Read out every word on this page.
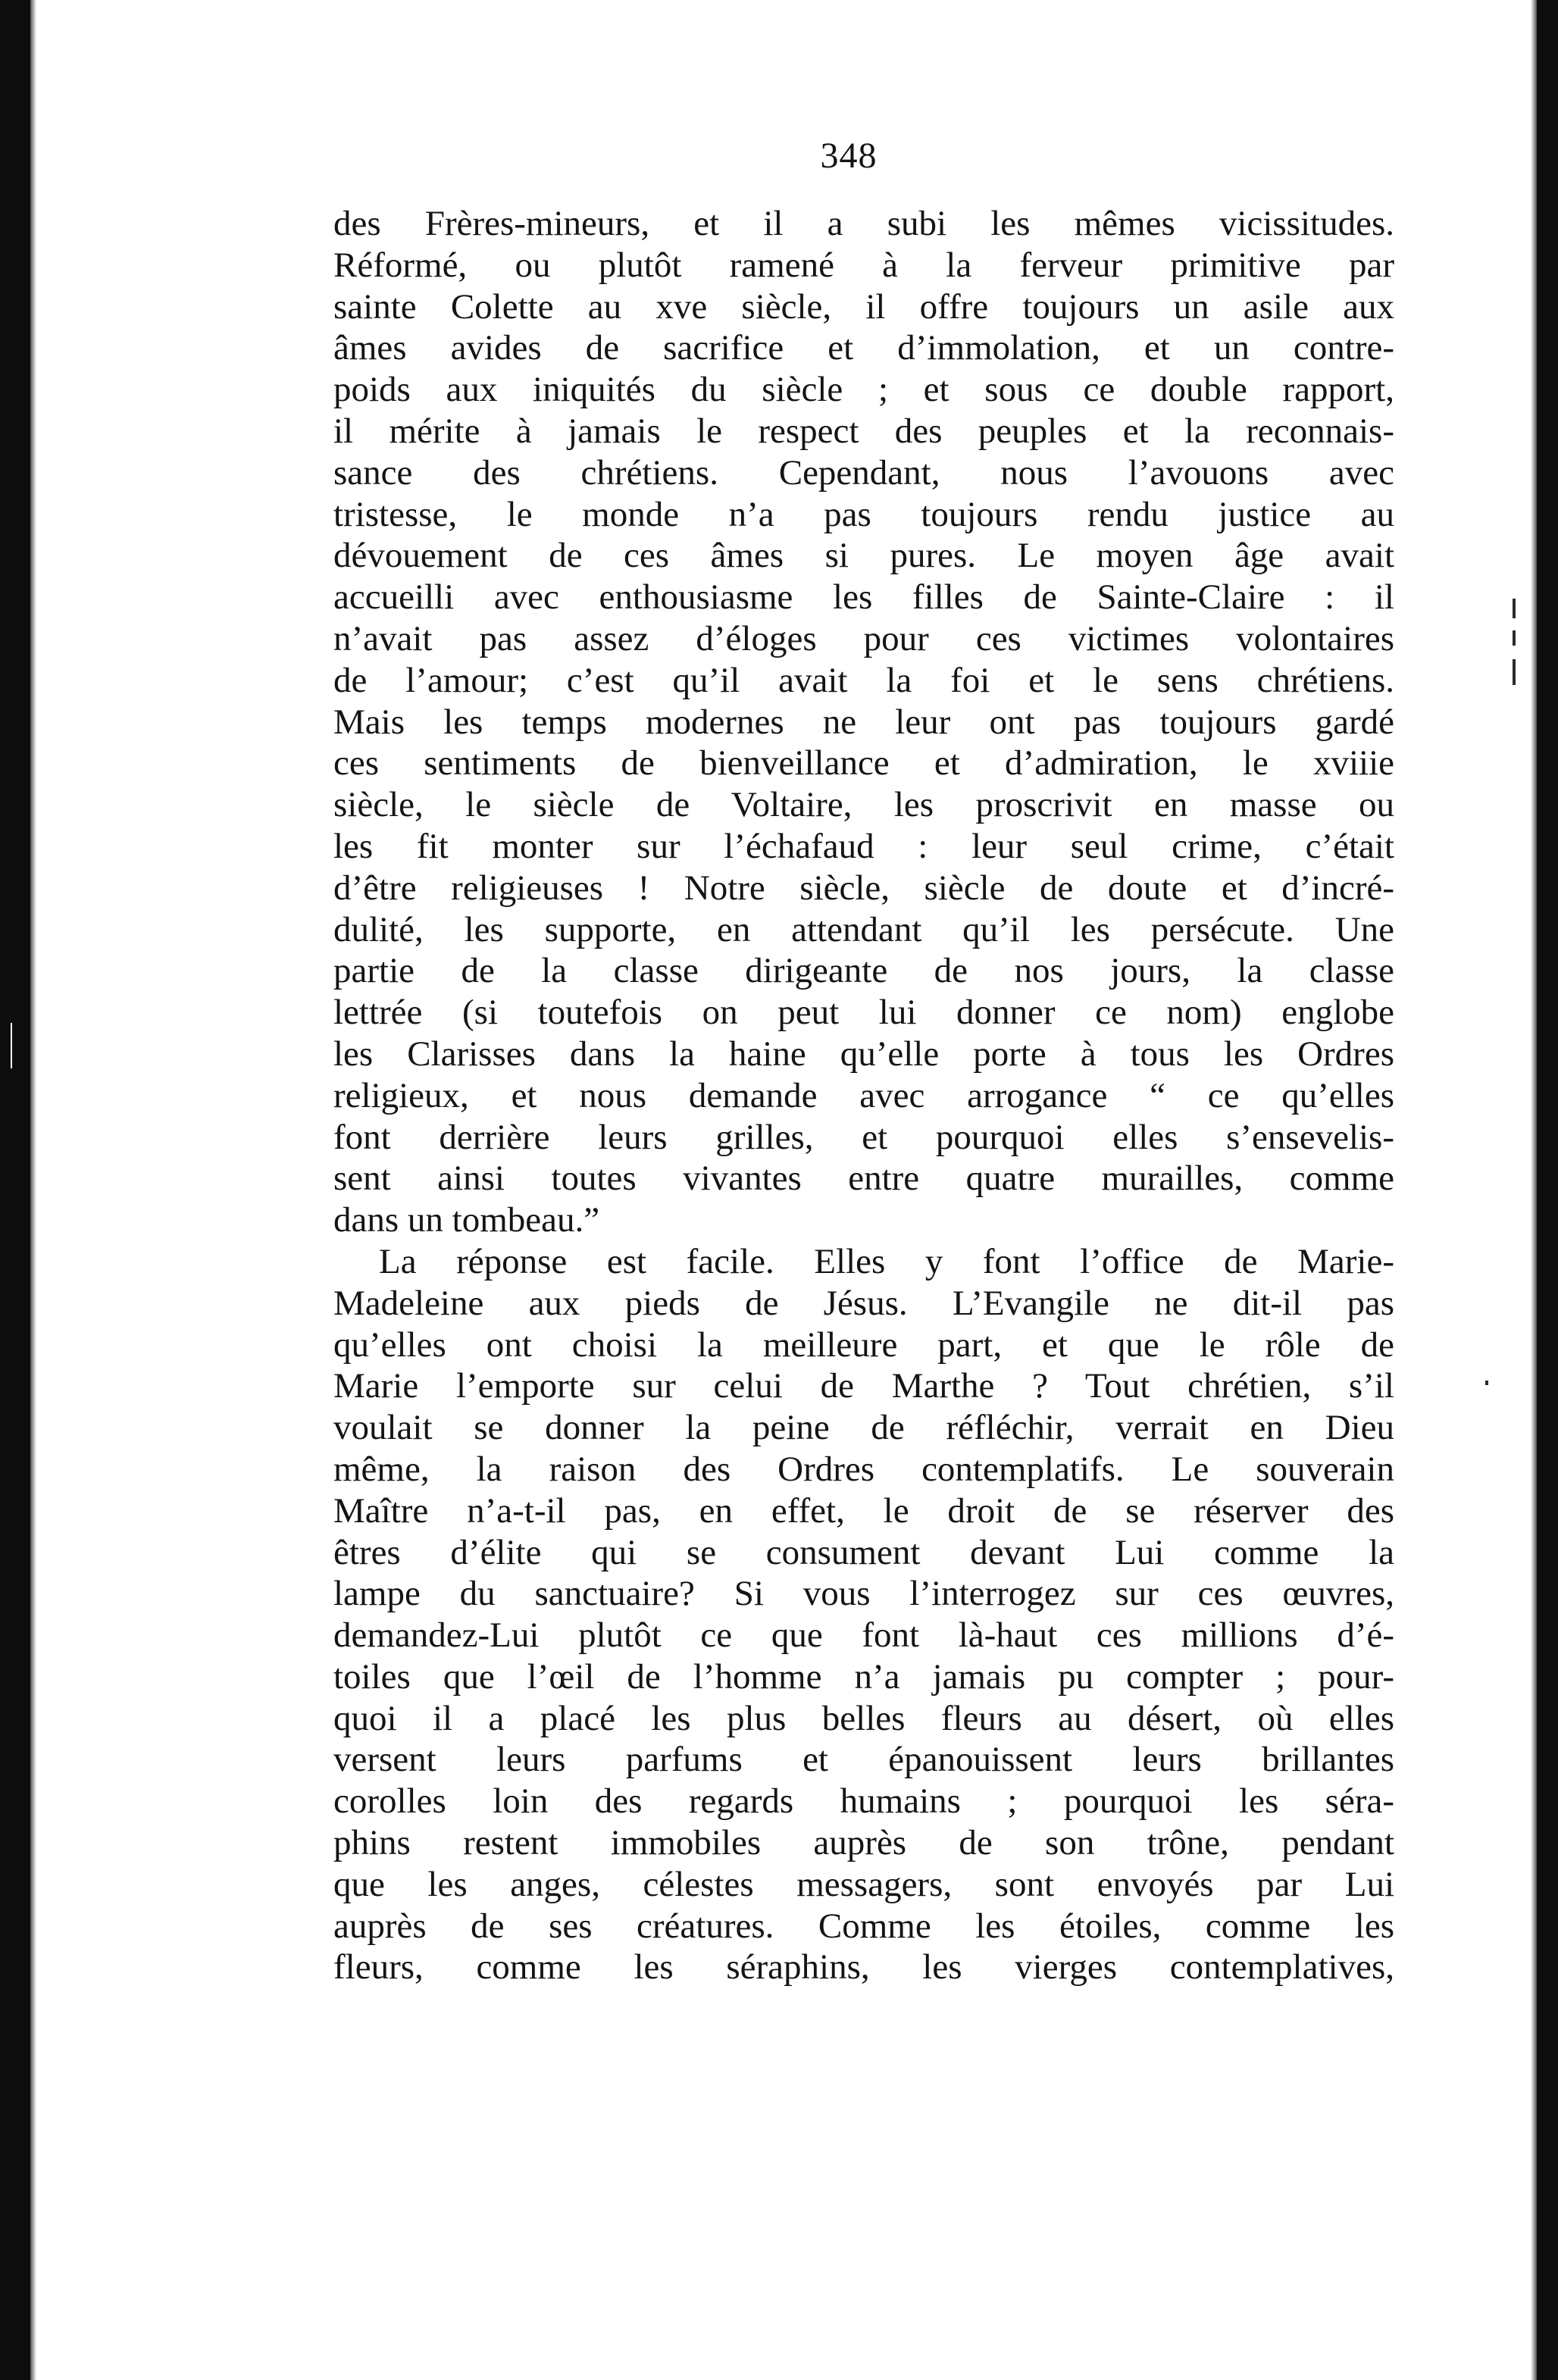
348
des Frères-mineurs, et il a subi les mêmes vicissitudes.
Réformé, ou plutôt ramené à la ferveur primitive par
sainte Colette au xve siècle, il offre toujours un asile aux
âmes avides de sacrifice et d’immolation, et un contre-
poids aux iniquités du siècle ; et sous ce double rapport,
il mérite à jamais le respect des peuples et la reconnais-
sance des chrétiens. Cependant, nous l’avouons avec
tristesse, le monde n’a pas toujours rendu justice au
dévouement de ces âmes si pures. Le moyen âge avait
accueilli avec enthousiasme les filles de Sainte-Claire : il
n’avait pas assez d’éloges pour ces victimes volontaires
de l’amour; c’est qu’il avait la foi et le sens chrétiens.
Mais les temps modernes ne leur ont pas toujours gardé
ces sentiments de bienveillance et d’admiration, le xviiie
siècle, le siècle de Voltaire, les proscrivit en masse ou
les fit monter sur l’échafaud : leur seul crime, c’était
d’être religieuses ! Notre siècle, siècle de doute et d’incré-
dulité, les supporte, en attendant qu’il les persécute. Une
partie de la classe dirigeante de nos jours, la classe
lettrée (si toutefois on peut lui donner ce nom) englobe
les Clarisses dans la haine qu’elle porte à tous les Ordres
religieux, et nous demande avec arrogance “ ce qu’elles
font derrière leurs grilles, et pourquoi elles s’ensevelis-
sent ainsi toutes vivantes entre quatre murailles, comme
dans un tombeau.”
La réponse est facile. Elles y font l’office de Marie-
Madeleine aux pieds de Jésus. L’Evangile ne dit-il pas
qu’elles ont choisi la meilleure part, et que le rôle de
Marie l’emporte sur celui de Marthe ? Tout chrétien, s’il
voulait se donner la peine de réfléchir, verrait en Dieu
même, la raison des Ordres contemplatifs. Le souverain
Maître n’a-t-il pas, en effet, le droit de se réserver des
êtres d’élite qui se consument devant Lui comme la
lampe du sanctuaire? Si vous l’interrogez sur ces œuvres,
demandez-Lui plutôt ce que font là-haut ces millions d’é-
toiles que l’œil de l’homme n’a jamais pu compter ; pour-
quoi il a placé les plus belles fleurs au désert, où elles
versent leurs parfums et épanouissent leurs brillantes
corolles loin des regards humains ; pourquoi les séra-
phins restent immobiles auprès de son trône, pendant
que les anges, célestes messagers, sont envoyés par Lui
auprès de ses créatures. Comme les étoiles, comme les
fleurs, comme les séraphins, les vierges contemplatives,
